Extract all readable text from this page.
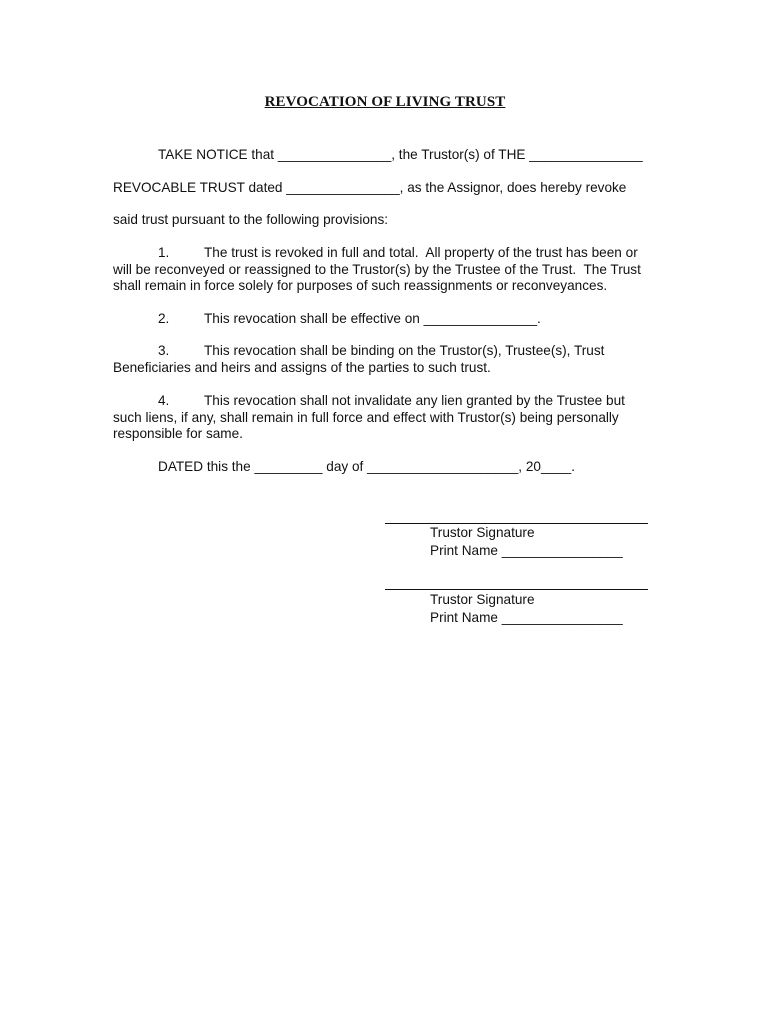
REVOCATION OF LIVING TRUST
TAKE NOTICE that _______________, the Trustor(s) of THE _______________
REVOCABLE TRUST dated _______________, as the Assignor, does hereby revoke
said trust pursuant to the following provisions:
1.	The trust is revoked in full and total.  All property of the trust has been or
will be reconveyed or reassigned to the Trustor(s) by the Trustee of the Trust.  The Trust
shall remain in force solely for purposes of such reassignments or reconveyances.
2.	This revocation shall be effective on _______________.
3.	This revocation shall be binding on the Trustor(s), Trustee(s), Trust
Beneficiaries and heirs and assigns of the parties to such trust.
4.	This revocation shall not invalidate any lien granted by the Trustee but
such liens, if any, shall remain in full force and effect with Trustor(s) being personally
responsible for same.
DATED this the _________ day of ____________________, 20____.
Trustor Signature
Print Name ________________
Trustor Signature
Print Name ________________
